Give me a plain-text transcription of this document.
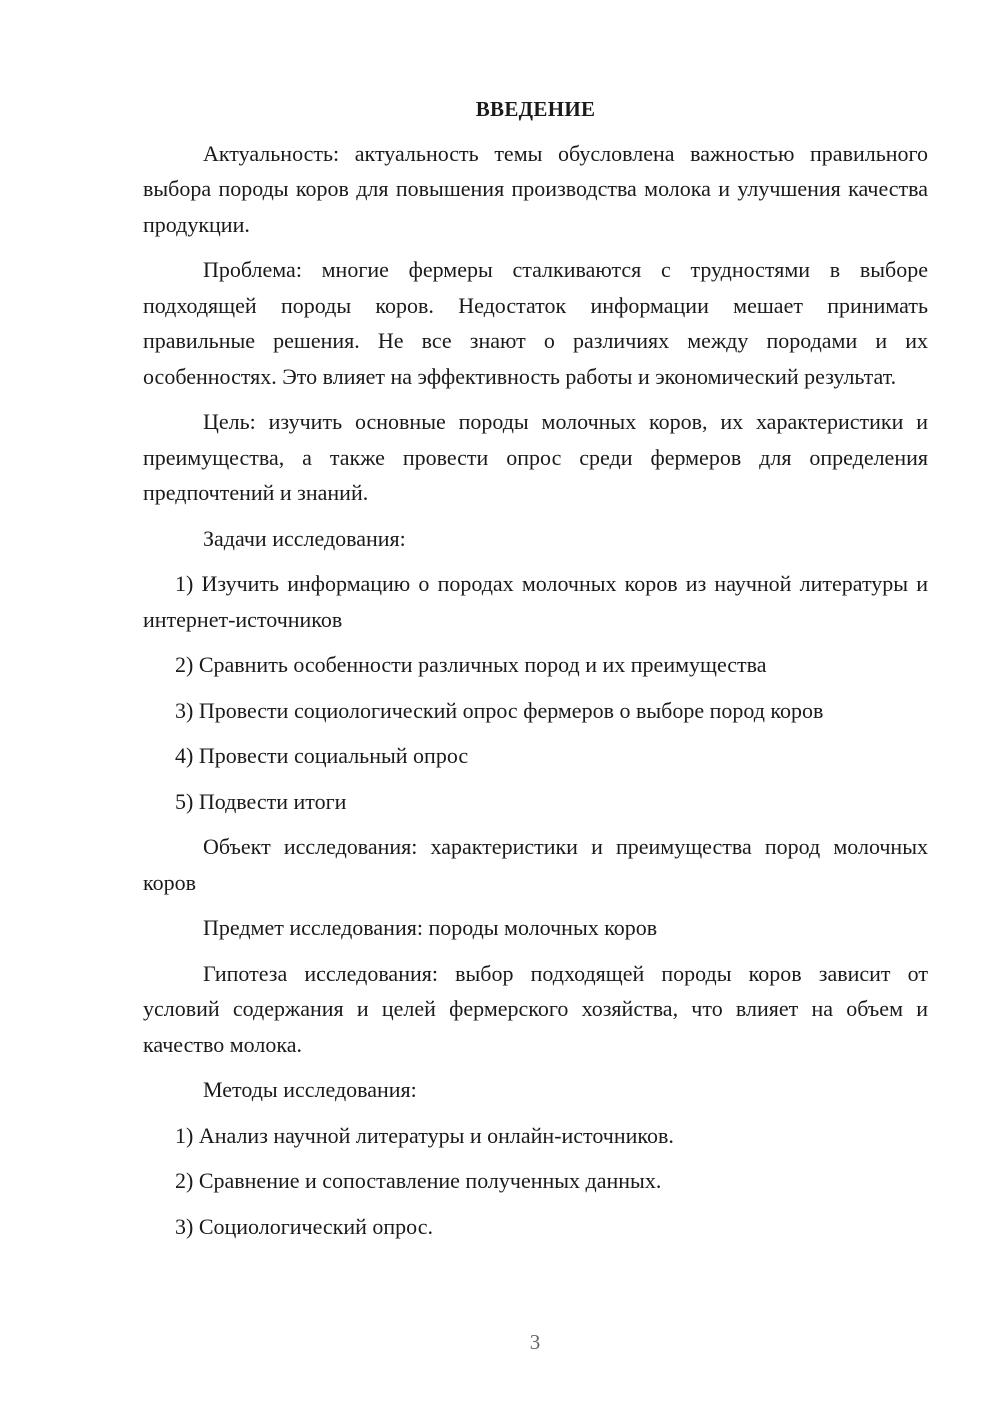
ВВЕДЕНИЕ

Актуальность: актуальность темы обусловлена важностью правильного выбора породы коров для повышения производства молока и улучшения качества продукции.

Проблема: многие фермеры сталкиваются с трудностями в выборе подходящей породы коров. Недостаток информации мешает принимать правильные решения. Не все знают о различиях между породами и их особенностях. Это влияет на эффективность работы и экономический результат.

Цель: изучить основные породы молочных коров, их характеристики и преимущества, а также провести опрос среди фермеров для определения предпочтений и знаний.

Задачи исследования:

1) Изучить информацию о породах молочных коров из научной литературы и интернет-источников

2) Сравнить особенности различных пород и их преимущества

3) Провести социологический опрос фермеров о выборе пород коров

4) Провести социальный опрос

5) Подвести итоги

Объект исследования: характеристики и преимущества пород молочных коров

Предмет исследования: породы молочных коров

Гипотеза исследования: выбор подходящей породы коров зависит от условий содержания и целей фермерского хозяйства, что влияет на объем и качество молока.

Методы исследования:

1) Анализ научной литературы и онлайн-источников.

2) Сравнение и сопоставление полученных данных.

3) Социологический опрос.

3
